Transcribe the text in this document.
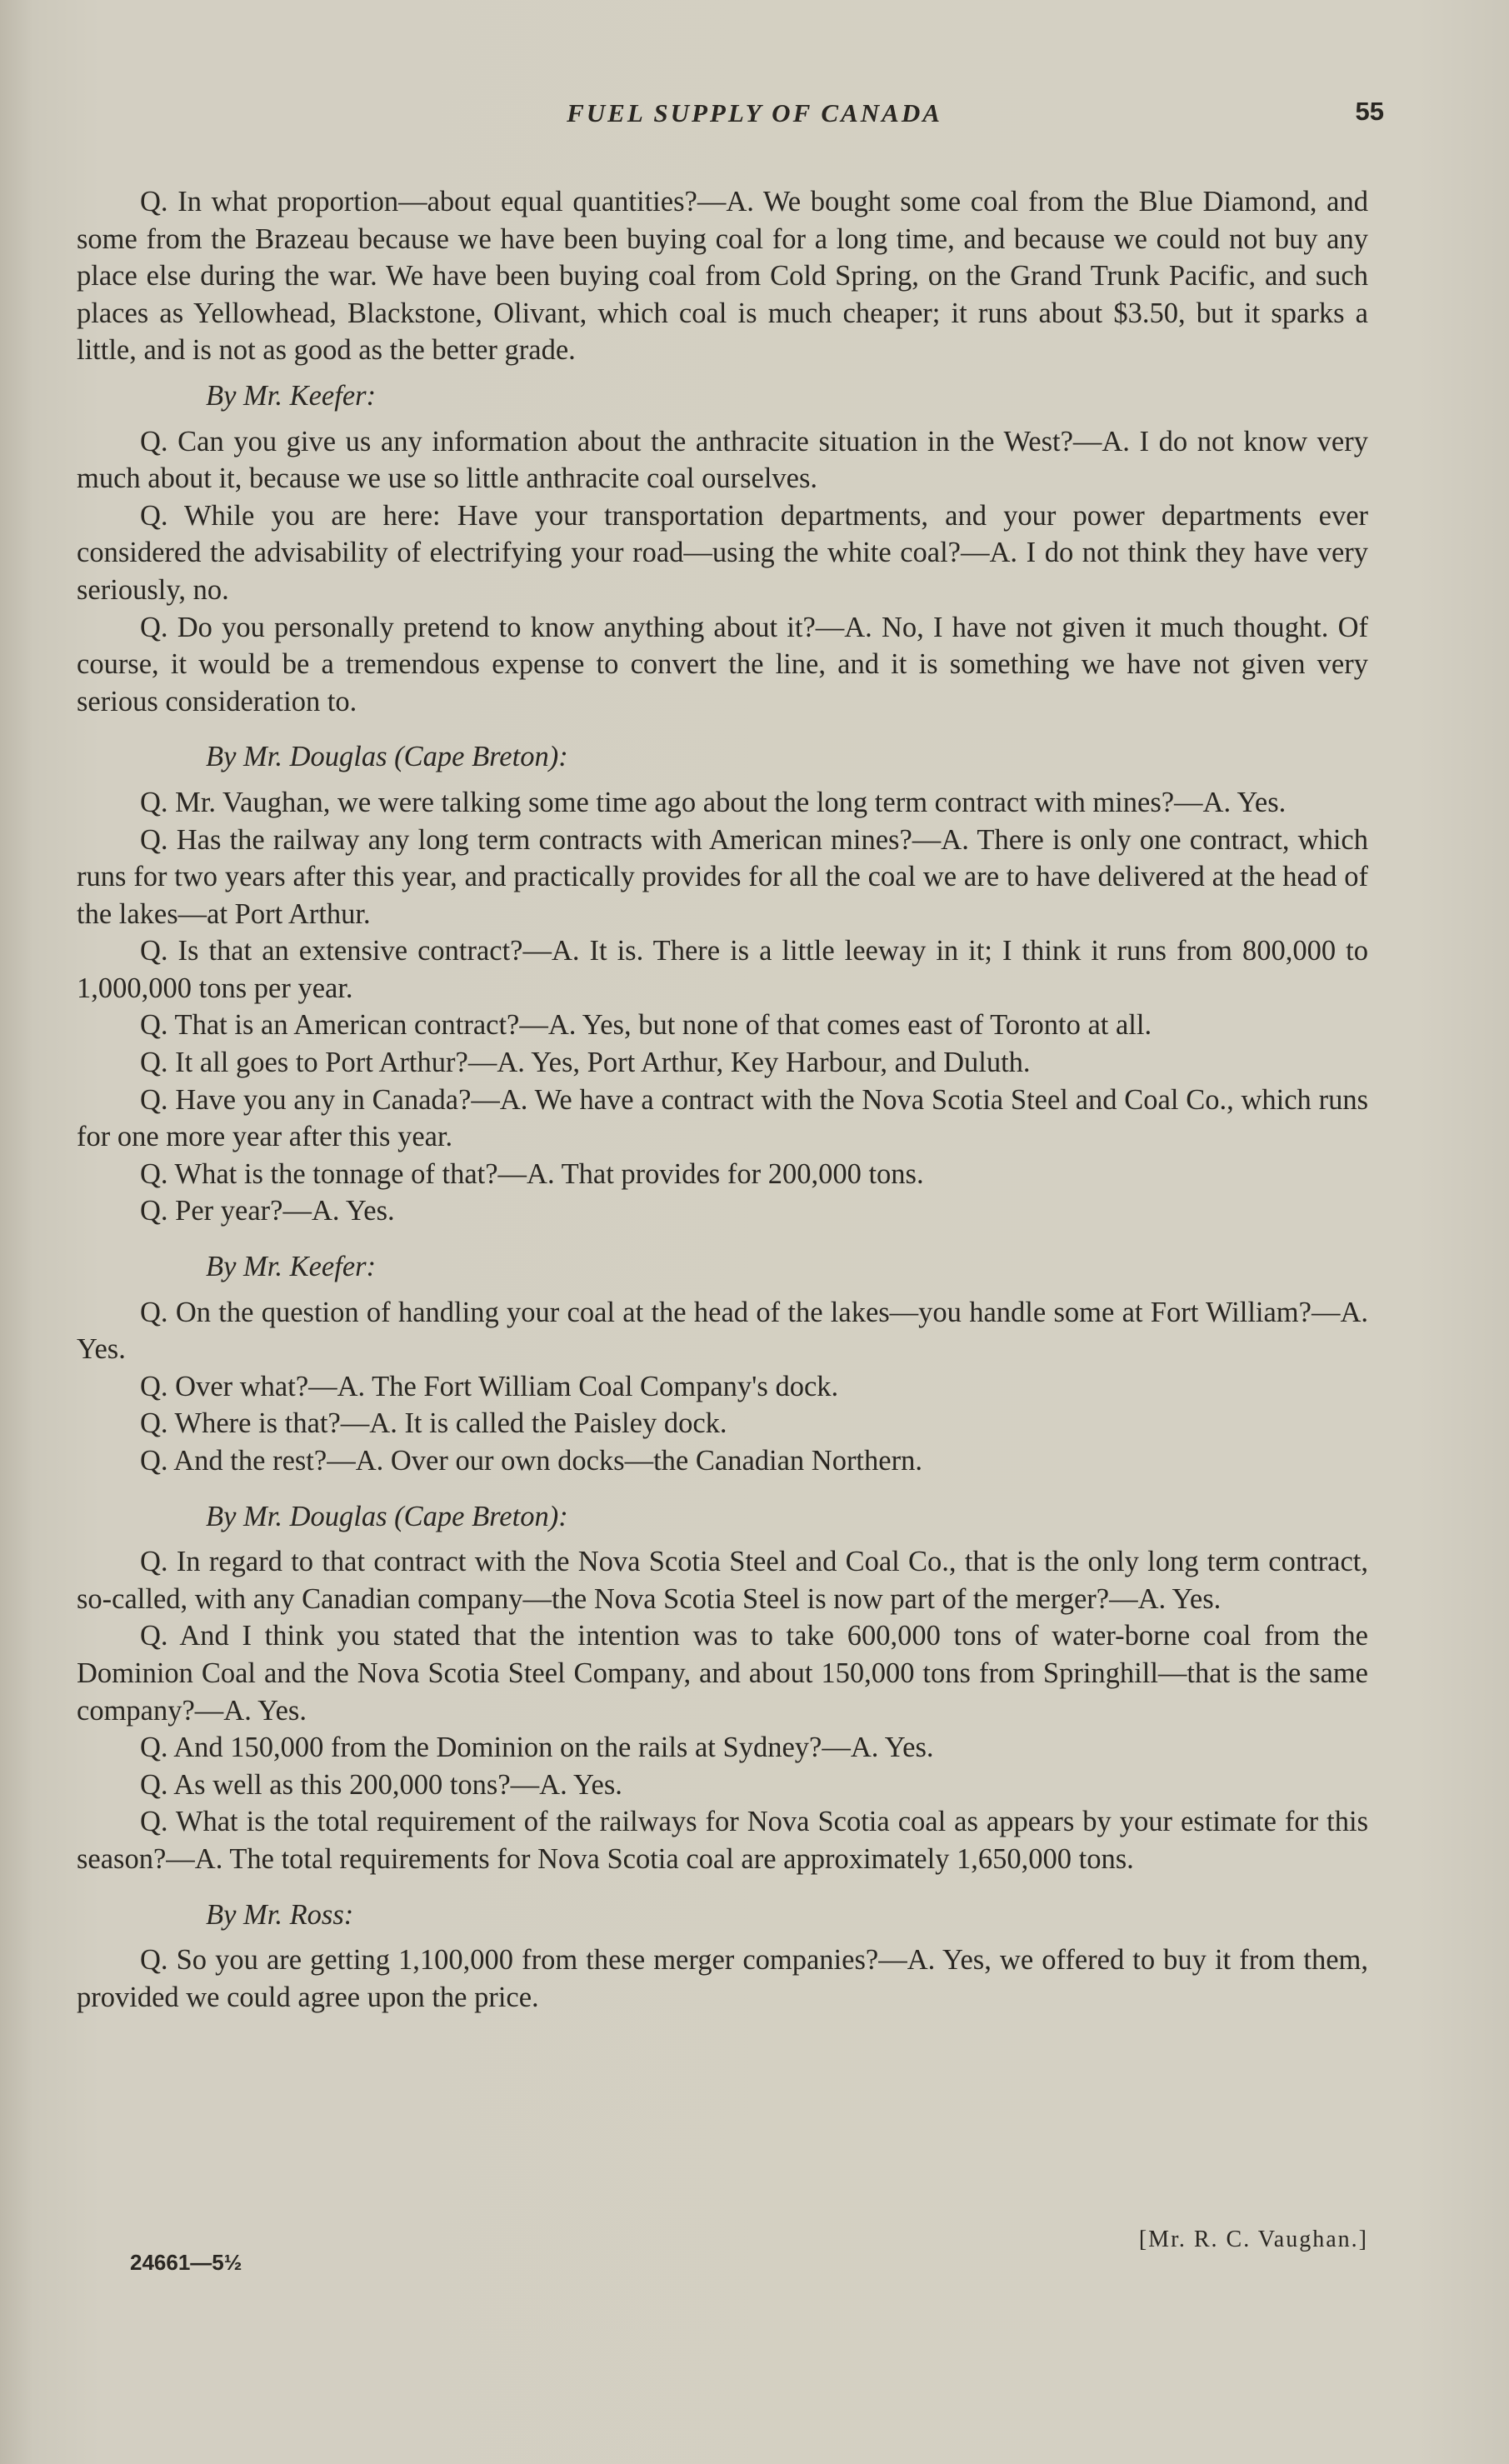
FUEL SUPPLY OF CANADA	55

Q. In what proportion—about equal quantities?—A. We bought some coal from the Blue Diamond, and some from the Brazeau because we have been buying coal for a long time, and because we could not buy any place else during the war. We have been buying coal from Cold Spring, on the Grand Trunk Pacific, and such places as Yellowhead, Blackstone, Olivant, which coal is much cheaper; it runs about $3.50, but it sparks a little, and is not as good as the better grade.

By Mr. Keefer:

Q. Can you give us any information about the anthracite situation in the West?—A. I do not know very much about it, because we use so little anthracite coal ourselves.

Q. While you are here: Have your transportation departments, and your power departments ever considered the advisability of electrifying your road—using the white coal?—A. I do not think they have very seriously, no.

Q. Do you personally pretend to know anything about it?—A. No, I have not given it much thought. Of course, it would be a tremendous expense to convert the line, and it is something we have not given very serious consideration to.

By Mr. Douglas (Cape Breton):

Q. Mr. Vaughan, we were talking some time ago about the long term contract with mines?—A. Yes.

Q. Has the railway any long term contracts with American mines?—A. There is only one contract, which runs for two years after this year, and practically provides for all the coal we are to have delivered at the head of the lakes—at Port Arthur.

Q. Is that an extensive contract?—A. It is. There is a little leeway in it; I think it runs from 800,000 to 1,000,000 tons per year.

Q. That is an American contract?—A. Yes, but none of that comes east of Toronto at all.

Q. It all goes to Port Arthur?—A. Yes, Port Arthur, Key Harbour, and Duluth.

Q. Have you any in Canada?—A. We have a contract with the Nova Scotia Steel and Coal Co., which runs for one more year after this year.

Q. What is the tonnage of that?—A. That provides for 200,000 tons.

Q. Per year?—A. Yes.

By Mr. Keefer:

Q. On the question of handling your coal at the head of the lakes—you handle some at Fort William?—A. Yes.

Q. Over what?—A. The Fort William Coal Company's dock.

Q. Where is that?—A. It is called the Paisley dock.

Q. And the rest?—A. Over our own docks—the Canadian Northern.

By Mr. Douglas (Cape Breton):

Q. In regard to that contract with the Nova Scotia Steel and Coal Co., that is the only long term contract, so-called, with any Canadian company—the Nova Scotia Steel is now part of the merger?—A. Yes.

Q. And I think you stated that the intention was to take 600,000 tons of water-borne coal from the Dominion Coal and the Nova Scotia Steel Company, and about 150,000 tons from Springhill—that is the same company?—A. Yes.

Q. And 150,000 from the Dominion on the rails at Sydney?—A. Yes.

Q. As well as this 200,000 tons?—A. Yes.

Q. What is the total requirement of the railways for Nova Scotia coal as appears by your estimate for this season?—A. The total requirements for Nova Scotia coal are approximately 1,650,000 tons.

By Mr. Ross:

Q. So you are getting 1,100,000 from these merger companies?—A. Yes, we offered to buy it from them, provided we could agree upon the price.

[Mr. R. C. Vaughan.]
24661—5½
